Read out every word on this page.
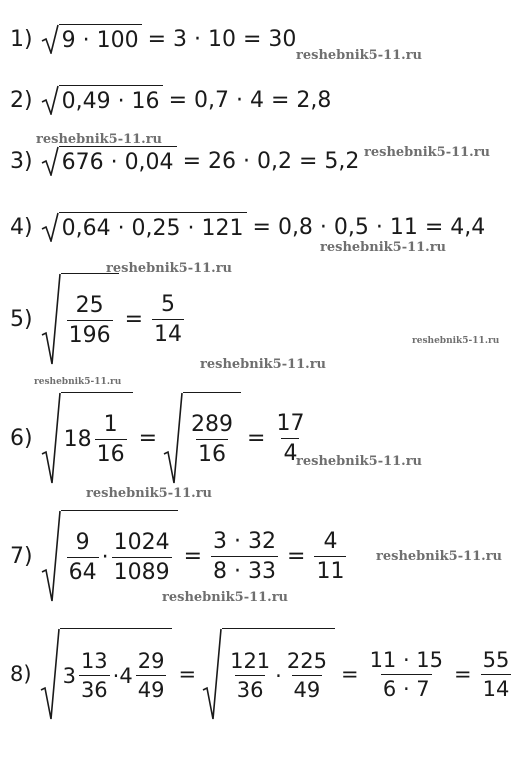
1) 9 · 100 = 3 · 10 = 30
2) 0,49 · 16 = 0,7 · 4 = 2,8
3) 676 · 0,04 = 26 · 0,2 = 5,2
4) 0,64 · 0,25 · 121 = 0,8 · 0,5 · 11 = 4,4
$5) \frac{25}{196} = \frac{5}{14}$
6) $18 \frac{1}{16} = \frac{289}{16} = \frac{17}{4}$
$7) \frac{9}{64} \cdot \frac{1024}{1089} = \frac{3 \cdot 32}{8 \cdot 33} = \frac{4}{11}$
8) $3 \frac{13}{36} \cdot 4 \frac{29}{49} = \frac{121}{36} \cdot \frac{225}{49} = \frac{11 \cdot 15}{6 \cdot 7} = \frac{55}{14}$
reshebnik5-11.ru
reshebnik5-11.ru
reshebnik5-11.ru
reshebnik5-11.ru
reshebnik5-11.ru
reshebnik5-11.ru
reshebnik5-11.ru
reshebnik5-11.ru
reshebnik5-11.ru
reshebnik5-11.ru
reshebnik5-11.ru
reshebnik5-11.ru
